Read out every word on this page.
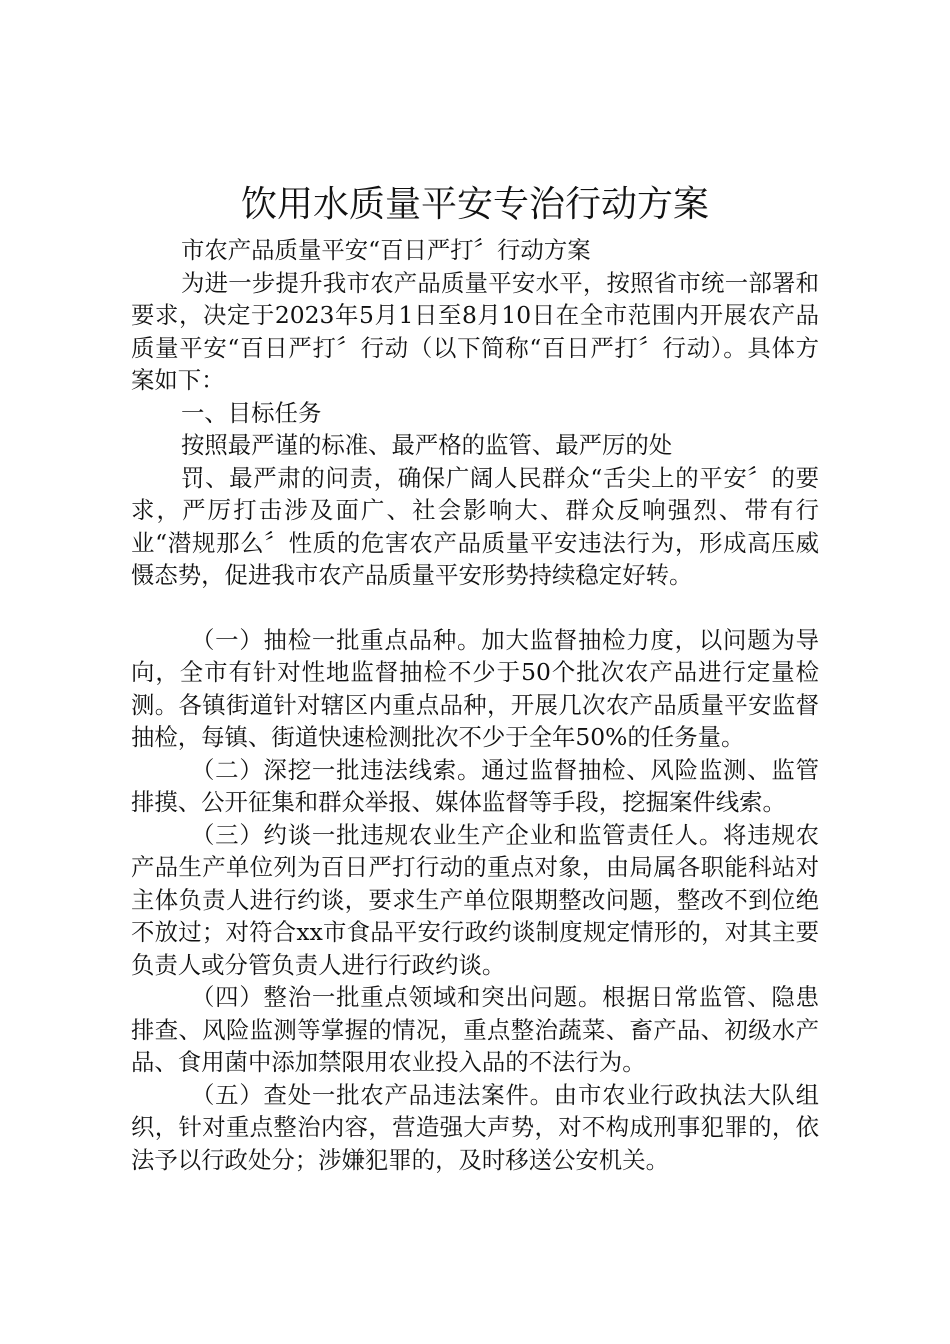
饮用水质量平安专治行动方案

市农产品质量平安“百日严打〞行动方案

为进一步提升我市农产品质量平安水平，按照省市统一部署和要求，决定于2023年5月1日至8月10日在全市范围内开展农产品质量平安“百日严打〞行动（以下简称“百日严打〞行动）。具体方案如下：

一、目标任务

按照最严谨的标准、最严格的监管、最严厉的处

罚、最严肃的问责，确保广阔人民群众“舌尖上的平安〞的要求，严厉打击涉及面广、社会影响大、群众反响强烈、带有行业“潜规那么〞性质的危害农产品质量平安违法行为，形成高压威慑态势，促进我市农产品质量平安形势持续稳定好转。

（一）抽检一批重点品种。加大监督抽检力度，以问题为导向，全市有针对性地监督抽检不少于50个批次农产品进行定量检测。各镇街道针对辖区内重点品种，开展几次农产品质量平安监督抽检，每镇、街道快速检测批次不少于全年50%的任务量。

（二）深挖一批违法线索。通过监督抽检、风险监测、监管排摸、公开征集和群众举报、媒体监督等手段，挖掘案件线索。

（三）约谈一批违规农业生产企业和监管责任人。将违规农产品生产单位列为百日严打行动的重点对象，由局属各职能科站对主体负责人进行约谈，要求生产单位限期整改问题，整改不到位绝不放过；对符合xx市食品平安行政约谈制度规定情形的，对其主要负责人或分管负责人进行行政约谈。

（四）整治一批重点领域和突出问题。根据日常监管、隐患排查、风险监测等掌握的情况，重点整治蔬菜、畜产品、初级水产品、食用菌中添加禁限用农业投入品的不法行为。

（五）查处一批农产品违法案件。由市农业行政执法大队组织，针对重点整治内容，营造强大声势，对不构成刑事犯罪的，依法予以行政处分；涉嫌犯罪的，及时移送公安机关。
